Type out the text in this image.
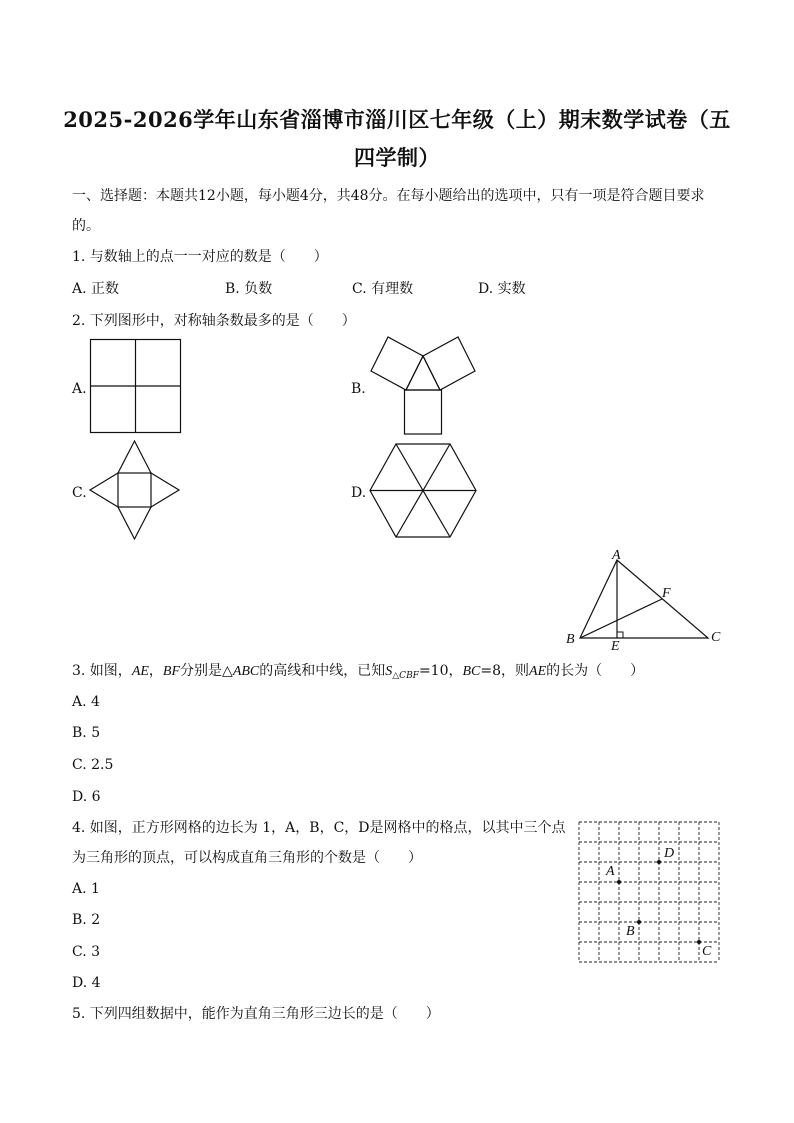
2025-2026学年山东省淄博市淄川区七年级（上）期末数学试卷（五
四学制）
一、选择题：本题共12小题，每小题4分，共48分。在每小题给出的选项中，只有一项是符合题目要求
的。
1. 与数轴上的点一一对应的数是（　　）
A. 正数	B. 负数	C. 有理数	D. 实数
2. 下列图形中，对称轴条数最多的是（　　）
A.	B.
C.	D.
A
B	C
E
F
3. 如图，AE，BF分别是△ABC的高线和中线，已知$S_{\triangle CBF}=10$，BC=8，则AE的长为（　　）
A. 4
B. 5
C. 2.5
D. 6
4. 如图，正方形网格的边长为 1，A，B，C，D是网格中的格点，以其中三个点
为三角形的顶点，可以构成直角三角形的个数是（　　）
A. 1
B. 2
C. 3
D. 4
A
B
C
D
5. 下列四组数据中，能作为直角三角形三边长的是（　　）
